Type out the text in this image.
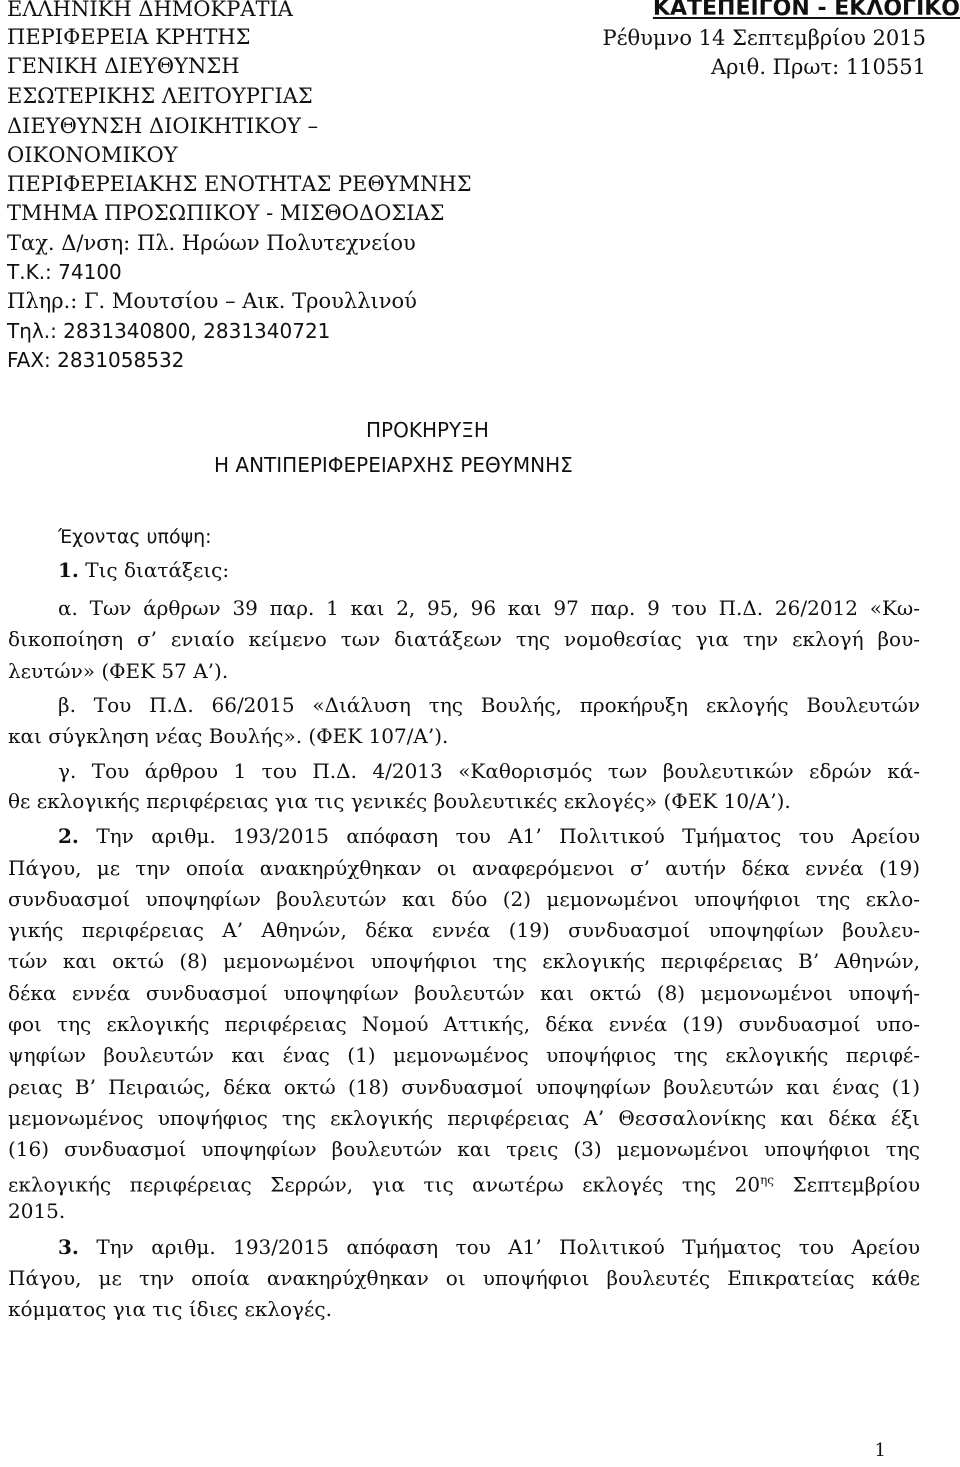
ΕΛΛΗΝΙΚΗ ΔΗΜΟΚΡΑΤΙΑ
ΠΕΡΙΦΕΡΕΙΑ ΚΡΗΤΗΣ
ΓΕΝΙΚΗ ΔΙΕΥΘΥΝΣΗ
ΕΣΩΤΕΡΙΚΗΣ ΛΕΙΤΟΥΡΓΙΑΣ
ΔΙΕΥΘΥΝΣΗ ΔΙΟΙΚΗΤΙΚΟΥ –
ΟΙΚΟΝΟΜΙΚΟΥ
ΠΕΡΙΦΕΡΕΙΑΚΗΣ ΕΝΟΤΗΤΑΣ ΡΕΘΥΜΝΗΣ
ΤΜΗΜΑ ΠΡΟΣΩΠΙΚΟΥ - ΜΙΣΘΟΔΟΣΙΑΣ
Ταχ. Δ/νση: Πλ. Ηρώων Πολυτεχνείου
Τ.Κ.: 74100
Πληρ.: Γ. Μουτσίου – Αικ. Τρουλλινού
Τηλ.: 2831340800, 2831340721
FAX: 2831058532
ΚΑΤΕΠΕΙΓΟΝ - ΕΚΛΟΓΙΚΟ
Ρέθυμνο 14 Σεπτεμβρίου 2015
Αριθ. Πρωτ: 110551
ΠΡΟΚΗΡΥΞΗ
Η ΑΝΤΙΠΕΡΙΦΕΡΕΙΑΡΧΗΣ ΡΕΘΥΜΝΗΣ
Έχοντας υπόψη:
1. Τις διατάξεις:
α. Των άρθρων 39 παρ. 1 και 2, 95, 96 και 97 παρ. 9 του Π.Δ. 26/2012 «Κω-
δικοποίηση σ’ ενιαίο κείμενο των διατάξεων της νομοθεσίας για την εκλογή βου-
λευτών» (ΦΕΚ 57 Α’).
β. Του Π.Δ. 66/2015 «Διάλυση της Βουλής, προκήρυξη εκλογής Βουλευτών
και σύγκληση νέας Βουλής». (ΦΕΚ 107/Α’).
γ. Του άρθρου 1 του Π.Δ. 4/2013 «Καθορισμός των βουλευτικών εδρών κά-
θε εκλογικής περιφέρειας για τις γενικές βουλευτικές εκλογές» (ΦΕΚ 10/Α’).
2. Την αριθμ. 193/2015 απόφαση του Α1’ Πολιτικού Τμήματος του Αρείου
Πάγου, με την οποία ανακηρύχθηκαν οι αναφερόμενοι σ’ αυτήν δέκα εννέα (19)
συνδυασμοί υποψηφίων βουλευτών και δύο (2) μεμονωμένοι υποψήφιοι της εκλο-
γικής περιφέρειας Α’ Αθηνών, δέκα εννέα (19) συνδυασμοί υποψηφίων βουλευ-
τών και οκτώ (8) μεμονωμένοι υποψήφιοι της εκλογικής περιφέρειας Β’ Αθηνών,
δέκα εννέα συνδυασμοί υποψηφίων βουλευτών και οκτώ (8) μεμονωμένοι υποψή-
φοι της εκλογικής περιφέρειας Νομού Αττικής, δέκα εννέα (19) συνδυασμοί υπο-
ψηφίων βουλευτών και ένας (1) μεμονωμένος υποψήφιος της εκλογικής περιφέ-
ρειας Β’ Πειραιώς, δέκα οκτώ (18) συνδυασμοί υποψηφίων βουλευτών και ένας (1)
μεμονωμένος υποψήφιος της εκλογικής περιφέρειας Α’ Θεσσαλονίκης και δέκα έξι
(16) συνδυασμοί υποψηφίων βουλευτών και τρεις (3) μεμονωμένοι υποψήφιοι της
εκλογικής περιφέρειας Σερρών, για τις ανωτέρω εκλογές της $20^{\eta\varsigma}$ Σεπτεμβρίου
2015.
3. Την αριθμ. 193/2015 απόφαση του Α1’ Πολιτικού Τμήματος του Αρείου
Πάγου, με την οποία ανακηρύχθηκαν οι υποψήφιοι βουλευτές Επικρατείας κάθε
κόμματος για τις ίδιες εκλογές.
1
